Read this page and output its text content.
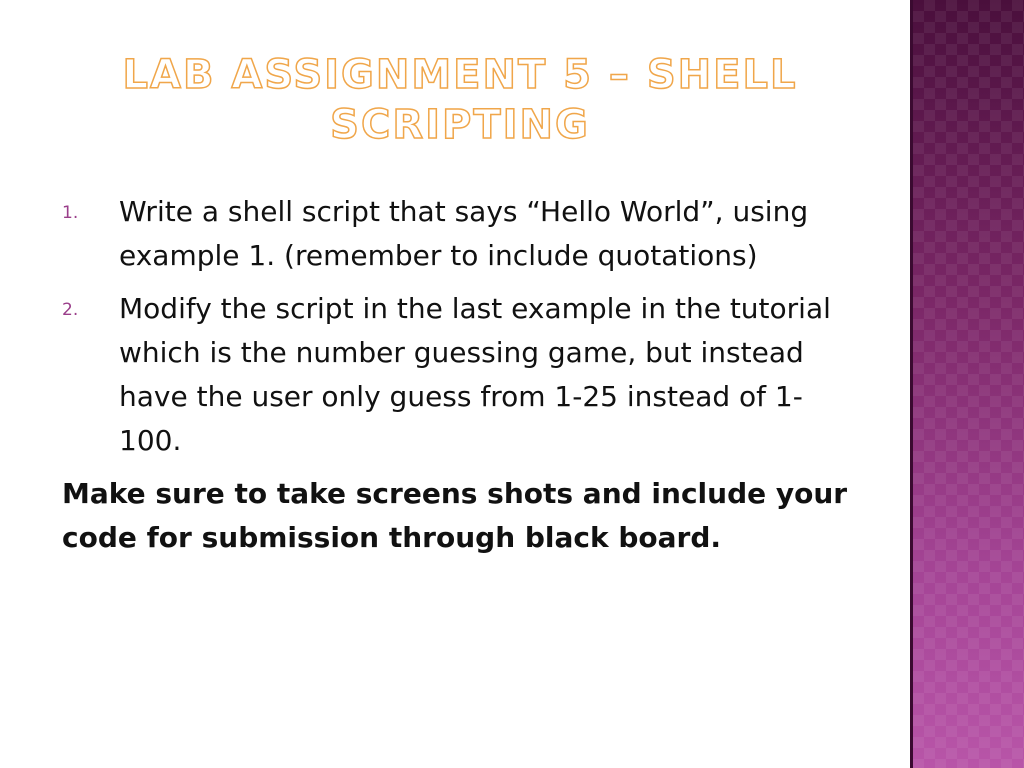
LAB ASSIGNMENT 5 – SHELL SCRIPTING
1. Write a shell script that says “Hello World”, using example 1. (remember to include quotations)
2. Modify the script in the last example in the tutorial which is the number guessing game, but instead have the user only guess from 1-25 instead of 1-100.
Make sure to take screens shots and include your code for submission through black board.
